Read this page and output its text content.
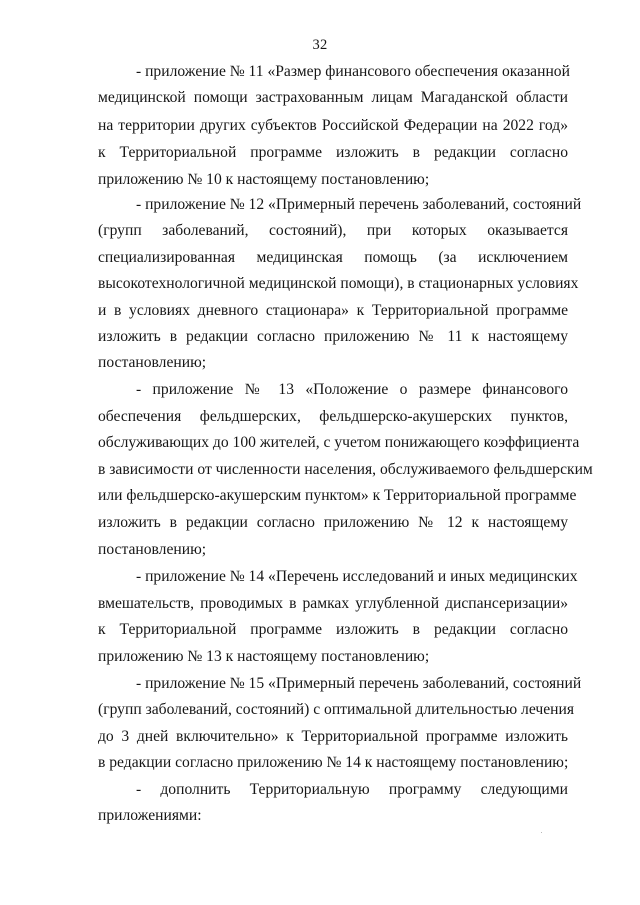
32
- приложение № 11 «Размер финансового обеспечения оказанной
медицинской помощи застрахованным лицам Магаданской области
на территории других субъектов Российской Федерации на 2022 год»
к Территориальной программе изложить в редакции согласно
приложению № 10 к настоящему постановлению;
- приложение № 12 «Примерный перечень заболеваний, состояний
(групп заболеваний, состояний), при которых оказывается
специализированная медицинская помощь (за исключением
высокотехнологичной медицинской помощи), в стационарных условиях
и в условиях дневного стационара» к Территориальной программе
изложить в редакции согласно приложению № 11 к настоящему
постановлению;
- приложение № 13 «Положение о размере финансового
обеспечения фельдшерских, фельдшерско-акушерских пунктов,
обслуживающих до 100 жителей, с учетом понижающего коэффициента
в зависимости от численности населения, обслуживаемого фельдшерским
или фельдшерско-акушерским пунктом» к Территориальной программе
изложить в редакции согласно приложению № 12 к настоящему
постановлению;
- приложение № 14 «Перечень исследований и иных медицинских
вмешательств, проводимых в рамках углубленной диспансеризации»
к Территориальной программе изложить в редакции согласно
приложению № 13 к настоящему постановлению;
- приложение № 15 «Примерный перечень заболеваний, состояний
(групп заболеваний, состояний) с оптимальной длительностью лечения
до 3 дней включительно» к Территориальной программе изложить
в редакции согласно приложению № 14 к настоящему постановлению;
- дополнить Территориальную программу следующими
приложениями:
